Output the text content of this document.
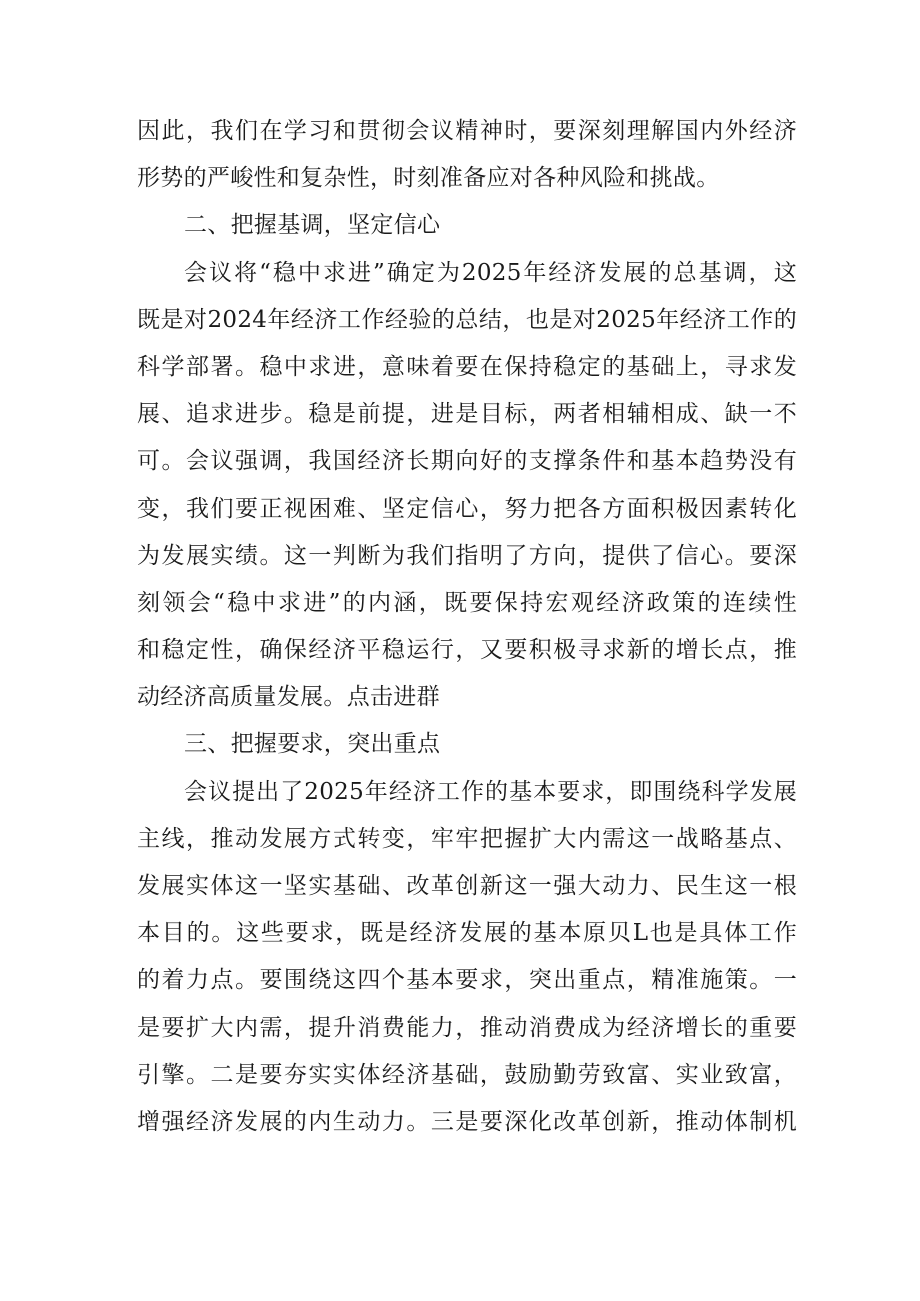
因此，我们在学习和贯彻会议精神时，要深刻理解国内外经济
形势的严峻性和复杂性，时刻准备应对各种风险和挑战。
二、把握基调，坚定信心
会议将“稳中求进”确定为2025年经济发展的总基调，这
既是对2024年经济工作经验的总结，也是对2025年经济工作的
科学部署。稳中求进，意味着要在保持稳定的基础上，寻求发
展、追求进步。稳是前提，进是目标，两者相辅相成、缺一不
可。会议强调，我国经济长期向好的支撑条件和基本趋势没有
变，我们要正视困难、坚定信心，努力把各方面积极因素转化
为发展实绩。这一判断为我们指明了方向，提供了信心。要深
刻领会“稳中求进”的内涵，既要保持宏观经济政策的连续性
和稳定性，确保经济平稳运行，又要积极寻求新的增长点，推
动经济高质量发展。点击进群
三、把握要求，突出重点
会议提出了2025年经济工作的基本要求，即围绕科学发展
主线，推动发展方式转变，牢牢把握扩大内需这一战略基点、
发展实体这一坚实基础、改革创新这一强大动力、民生这一根
本目的。这些要求，既是经济发展的基本原贝L也是具体工作
的着力点。要围绕这四个基本要求，突出重点，精准施策。一
是要扩大内需，提升消费能力，推动消费成为经济增长的重要
引擎。二是要夯实实体经济基础，鼓励勤劳致富、实业致富，
增强经济发展的内生动力。三是要深化改革创新，推动体制机
